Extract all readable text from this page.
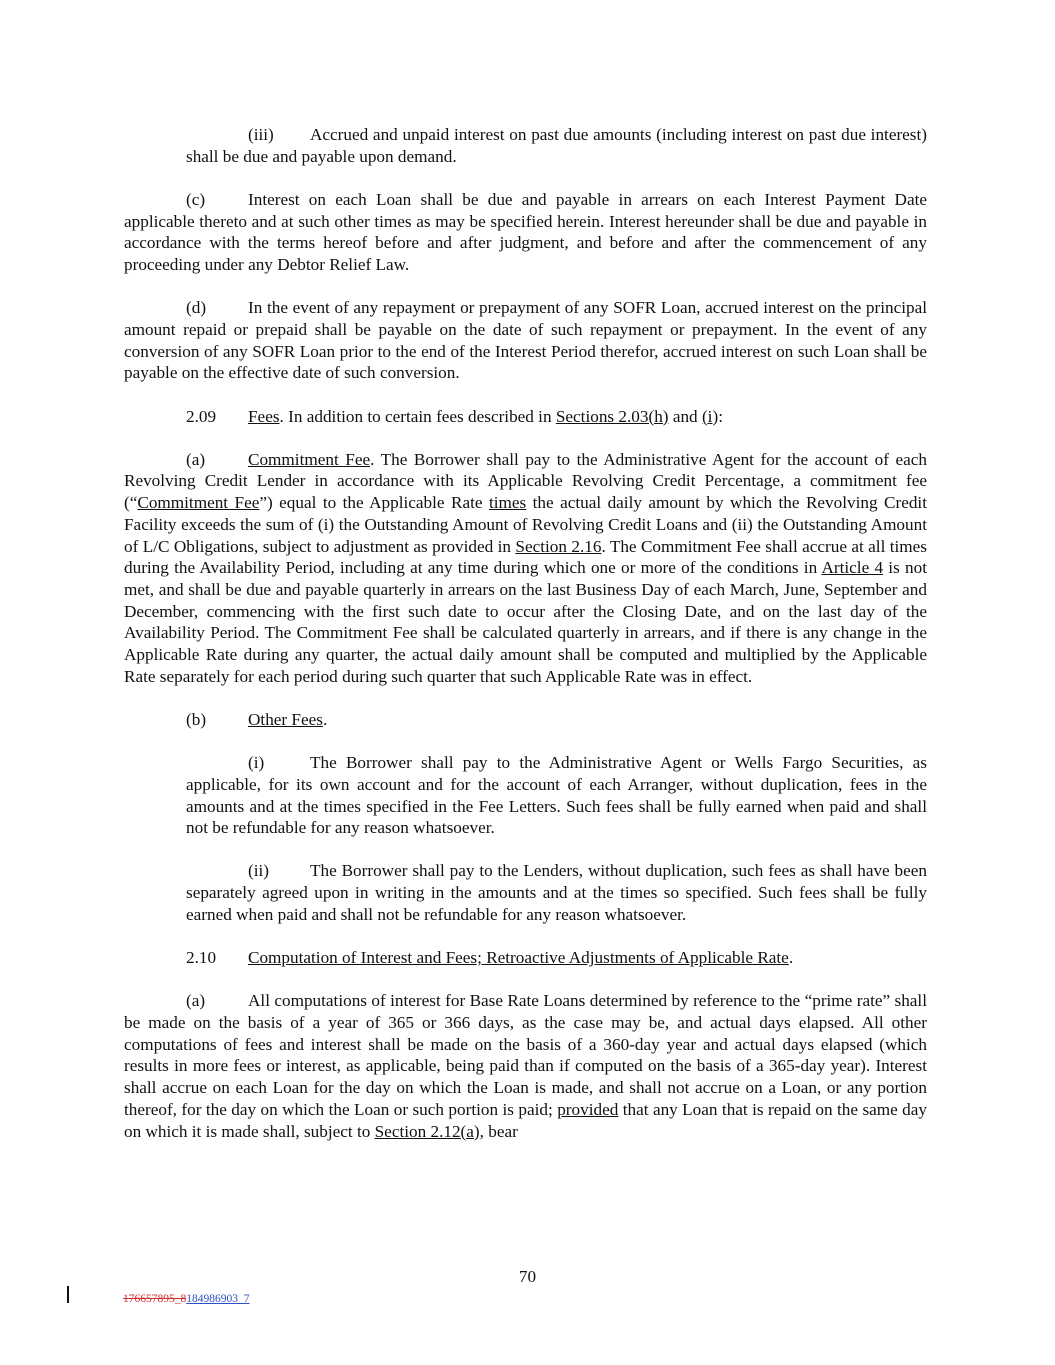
(iii) Accrued and unpaid interest on past due amounts (including interest on past due interest) shall be due and payable upon demand.

(c) Interest on each Loan shall be due and payable in arrears on each Interest Payment Date applicable thereto and at such other times as may be specified herein. Interest hereunder shall be due and payable in accordance with the terms hereof before and after judgment, and before and after the commencement of any proceeding under any Debtor Relief Law.

(d) In the event of any repayment or prepayment of any SOFR Loan, accrued interest on the principal amount repaid or prepaid shall be payable on the date of such repayment or prepayment. In the event of any conversion of any SOFR Loan prior to the end of the Interest Period therefor, accrued interest on such Loan shall be payable on the effective date of such conversion.

2.09 Fees. In addition to certain fees described in Sections 2.03(h) and (i):

(a) Commitment Fee. The Borrower shall pay to the Administrative Agent for the account of each Revolving Credit Lender in accordance with its Applicable Revolving Credit Percentage, a commitment fee (“Commitment Fee”) equal to the Applicable Rate times the actual daily amount by which the Revolving Credit Facility exceeds the sum of (i) the Outstanding Amount of Revolving Credit Loans and (ii) the Outstanding Amount of L/C Obligations, subject to adjustment as provided in Section 2.16. The Commitment Fee shall accrue at all times during the Availability Period, including at any time during which one or more of the conditions in Article 4 is not met, and shall be due and payable quarterly in arrears on the last Business Day of each March, June, September and December, commencing with the first such date to occur after the Closing Date, and on the last day of the Availability Period. The Commitment Fee shall be calculated quarterly in arrears, and if there is any change in the Applicable Rate during any quarter, the actual daily amount shall be computed and multiplied by the Applicable Rate separately for each period during such quarter that such Applicable Rate was in effect.

(b) Other Fees.

(i)	The Borrower shall pay to the Administrative Agent or Wells Fargo Securities, as applicable, for its own account and for the account of each Arranger, without duplication, fees in the amounts and at the times specified in the Fee Letters. Such fees shall be fully earned when paid and shall not be refundable for any reason whatsoever.

(ii) The Borrower shall pay to the Lenders, without duplication, such fees as shall have been separately agreed upon in writing in the amounts and at the times so specified. Such fees shall be fully earned when paid and shall not be refundable for any reason whatsoever.

2.10 Computation of Interest and Fees; Retroactive Adjustments of Applicable Rate.

(a) All computations of interest for Base Rate Loans determined by reference to the “prime rate” shall be made on the basis of a year of 365 or 366 days, as the case may be, and actual days elapsed. All other computations of fees and interest shall be made on the basis of a 360-day year and actual days elapsed (which results in more fees or interest, as applicable, being paid than if computed on the basis of a 365-day year). Interest shall accrue on each Loan for the day on which the Loan is made, and shall not accrue on a Loan, or any portion thereof, for the day on which the Loan or such portion is paid; provided that any Loan that is repaid on the same day on which it is made shall, subject to Section 2.12(a), bear

70
176657895_8184986903_7
